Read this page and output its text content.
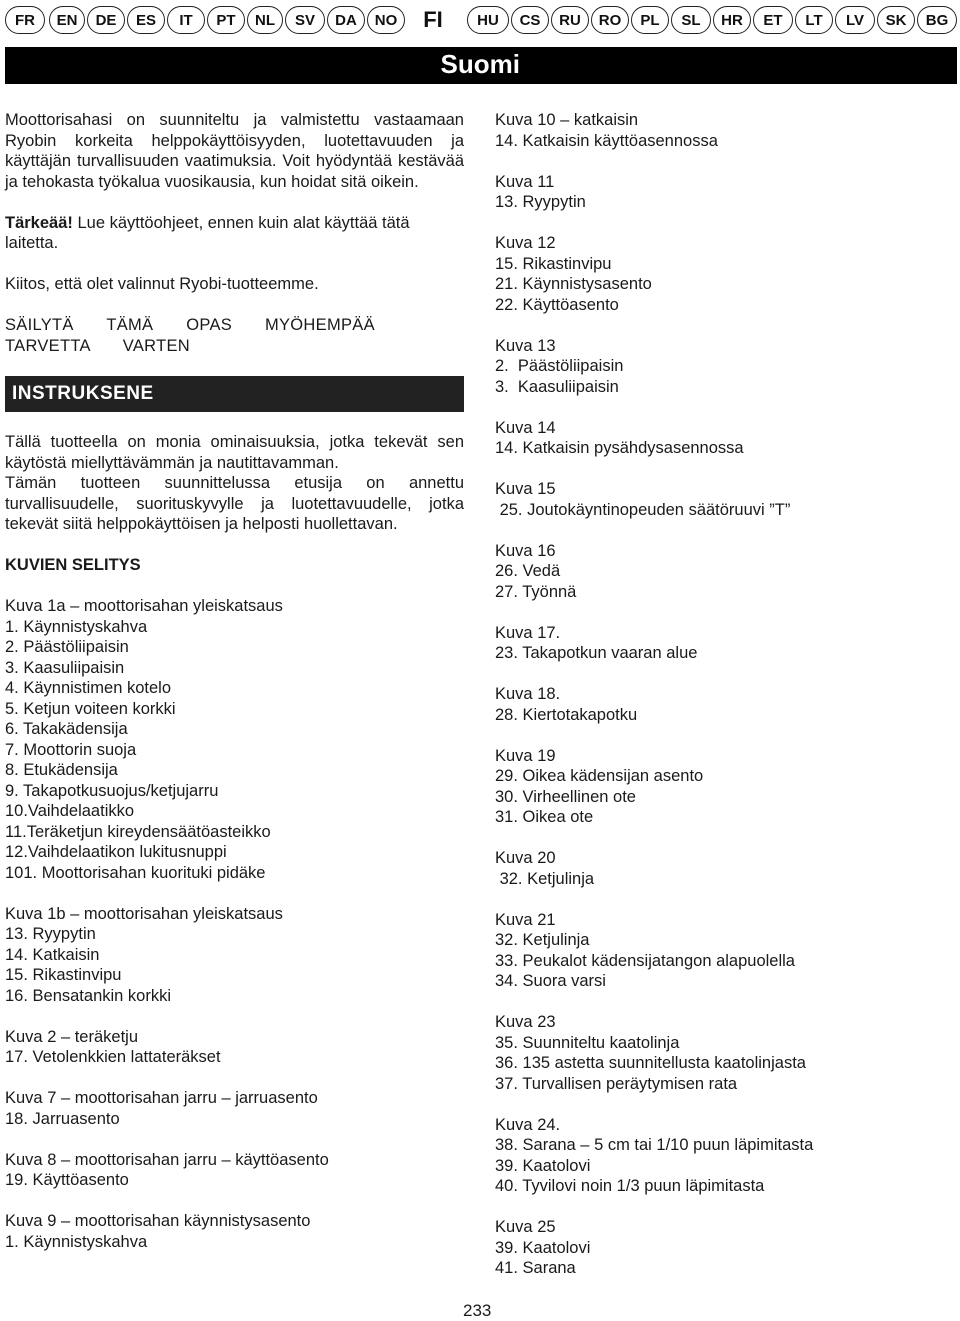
FR	EN	DE	ES	IT	PT	NL	SV	DA	NO	FI	HU	CS	RU	RO	PL	SL	HR	ET	LT	LV	SK	BG
Suomi

Moottorisahasi on suunniteltu ja valmistettu vastaamaan Ryobin korkeita helppokäyttöisyyden, luotettavuuden ja käyttäjän turvallisuuden vaatimuksia. Voit hyödyntää kestävää ja tehokasta työkalua vuosikausia, kun hoidat sitä oikein.

Tärkeää! Lue käyttöohjeet, ennen kuin alat käyttää tätä laitetta.

Kiitos, että olet valinnut Ryobi-tuotteemme.

SÄILYTÄ TÄMÄ OPAS MYÖHEMPÄÄ TARVETTA VARTEN

INSTRUKSENE

Tällä tuotteella on monia ominaisuuksia, jotka tekevät sen käytöstä miellyttävämmän ja nautittavamman.

Tämän tuotteen suunnittelussa etusija on annettu turvallisuudelle, suorituskyvylle ja luotettavuudelle, jotka tekevät siitä helppokäyttöisen ja helposti huollettavan.

KUVIEN SELITYS

Kuva 1a – moottorisahan yleiskatsaus

1. Käynnistyskahva

2. Päästöliipaisin

3. Kaasuliipaisin

4. Käynnistimen kotelo

5. Ketjun voiteen korkki

6. Takakädensija

7. Moottorin suoja

8. Etukädensija

9. Takapotkusuojus/ketjujarru

10.Vaihdelaatikko

11.Teräketjun kireydensäätöasteikko

12.Vaihdelaatikon lukitusnuppi

101. Moottorisahan kuorituki pidäke

Kuva 1b – moottorisahan yleiskatsaus

13. Ryypytin

14. Katkaisin

15. Rikastinvipu

16. Bensatankin korkki

Kuva 2 – teräketju

17. Vetolenkkien lattateräkset

Kuva 7 – moottorisahan jarru – jarruasento

18. Jarruasento

Kuva 8 – moottorisahan jarru – käyttöasento

19. Käyttöasento

Kuva 9 – moottorisahan käynnistysasento

1. Käynnistyskahva

Kuva 10 – katkaisin

14. Katkaisin käyttöasennossa

Kuva 11

13. Ryypytin

Kuva 12

15. Rikastinvipu

21. Käynnistysasento

22. Käyttöasento

Kuva 13

2.  Päästöliipaisin

3.  Kaasuliipaisin

Kuva 14

14. Katkaisin pysähdysasennossa

Kuva 15

25. Joutokäyntinopeuden säätöruuvi ”T”

Kuva 16

26. Vedä

27. Työnnä

Kuva 17.

23. Takapotkun vaaran alue

Kuva 18.

28. Kiertotakapotku

Kuva 19

29. Oikea kädensijan asento

30. Virheellinen ote

31. Oikea ote

Kuva 20

32. Ketjulinja

Kuva 21

32. Ketjulinja

33. Peukalot kädensijatangon alapuolella

34. Suora varsi

Kuva 23

35. Suunniteltu kaatolinja

36. 135 astetta suunnitellusta kaatolinjasta

37. Turvallisen peräytymisen rata

Kuva 24.

38. Sarana – 5 cm tai 1/10 puun läpimitasta

39. Kaatolovi

40. Tyvilovi noin 1/3 puun läpimitasta

Kuva 25

39. Kaatolovi

41. Sarana

233
